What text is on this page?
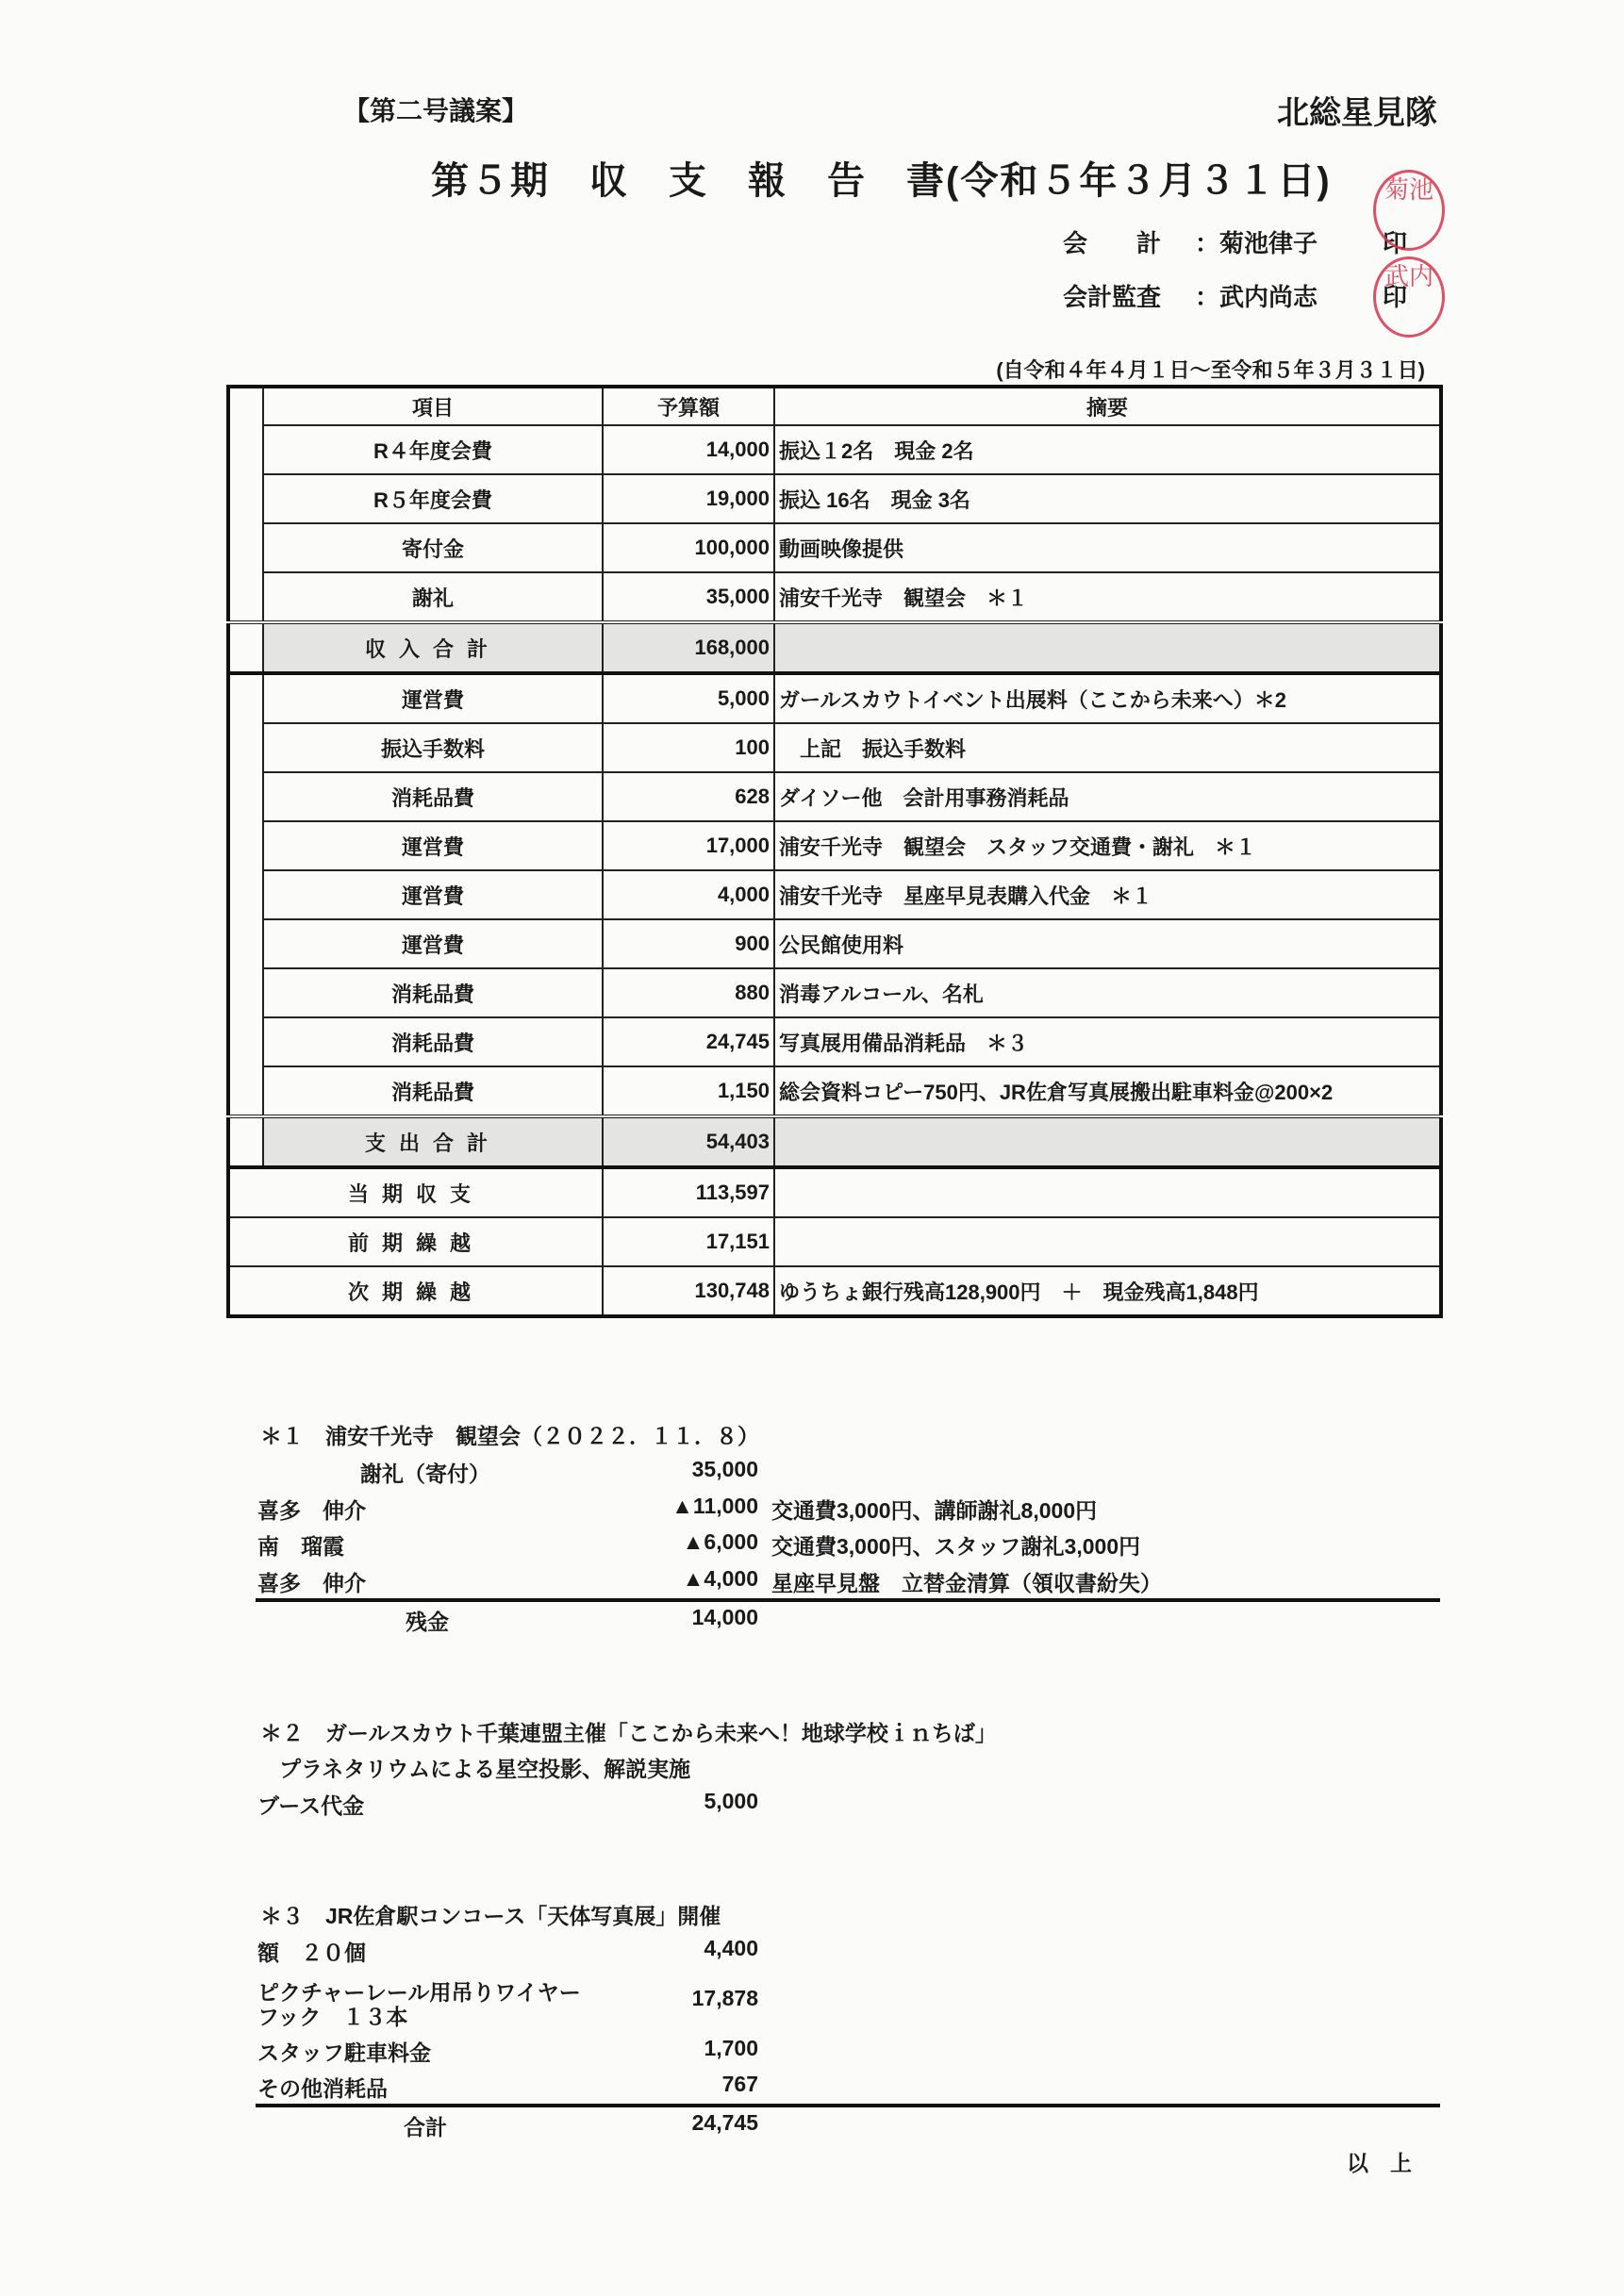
【第二号議案】	北総星見隊
第５期　収　支　報　告　書(令和５年３月３１日)
会　　計 ：菊池律子
会計監査 ：武内尚志
印
印
菊池
武内
(自令和４年４月１日～至令和５年３月３１日)
	項目	予算額	摘要
	R４年度会費	14,000	振込１2名　現金 2名
	R５年度会費	19,000	振込 16名　現金 3名
	寄付金	100,000	動画映像提供
	謝礼	35,000	浦安千光寺　観望会　＊１
	収入合計	168,000	
	運営費	5,000	ガールスカウトイベント出展料（ここから未来へ）＊2
	振込手数料	100	　上記　振込手数料
	消耗品費	628	ダイソー他　会計用事務消耗品
	運営費	17,000	浦安千光寺　観望会　スタッフ交通費・謝礼　＊１
	運営費	4,000	浦安千光寺　星座早見表購入代金　＊１
	運営費	900	公民館使用料
	消耗品費	880	消毒アルコール、名札
	消耗品費	24,745	写真展用備品消耗品　＊３
	消耗品費	1,150	総会資料コピー750円、JR佐倉写真展搬出駐車料金@200×2
	支出合計	54,403	
当期収支		113,597	
前期繰越		17,151	
次期繰越		130,748	ゆうちょ銀行残高128,900円　＋　現金残高1,848円
＊１　浦安千光寺　観望会（２０２２．１１．８）
謝礼（寄付）	35,000
喜多　伸介	▲11,000 交通費3,000円、講師謝礼8,000円
南　瑠霞	▲6,000 交通費3,000円、スタッフ謝礼3,000円
喜多　伸介	▲4,000 星座早見盤　立替金清算（領収書紛失）
残金	14,000
＊２　ガールスカウト千葉連盟主催「ここから未来へ！地球学校ｉｎちば」
プラネタリウムによる星空投影、解説実施
ブース代金	5,000
＊３　JR佐倉駅コンコース「天体写真展」開催
額　２０個	4,400
ピクチャーレール用吊りワイヤー
フック　１３本
17,878
スタッフ駐車料金	1,700
その他消耗品	767
合計	24,745
以　上
